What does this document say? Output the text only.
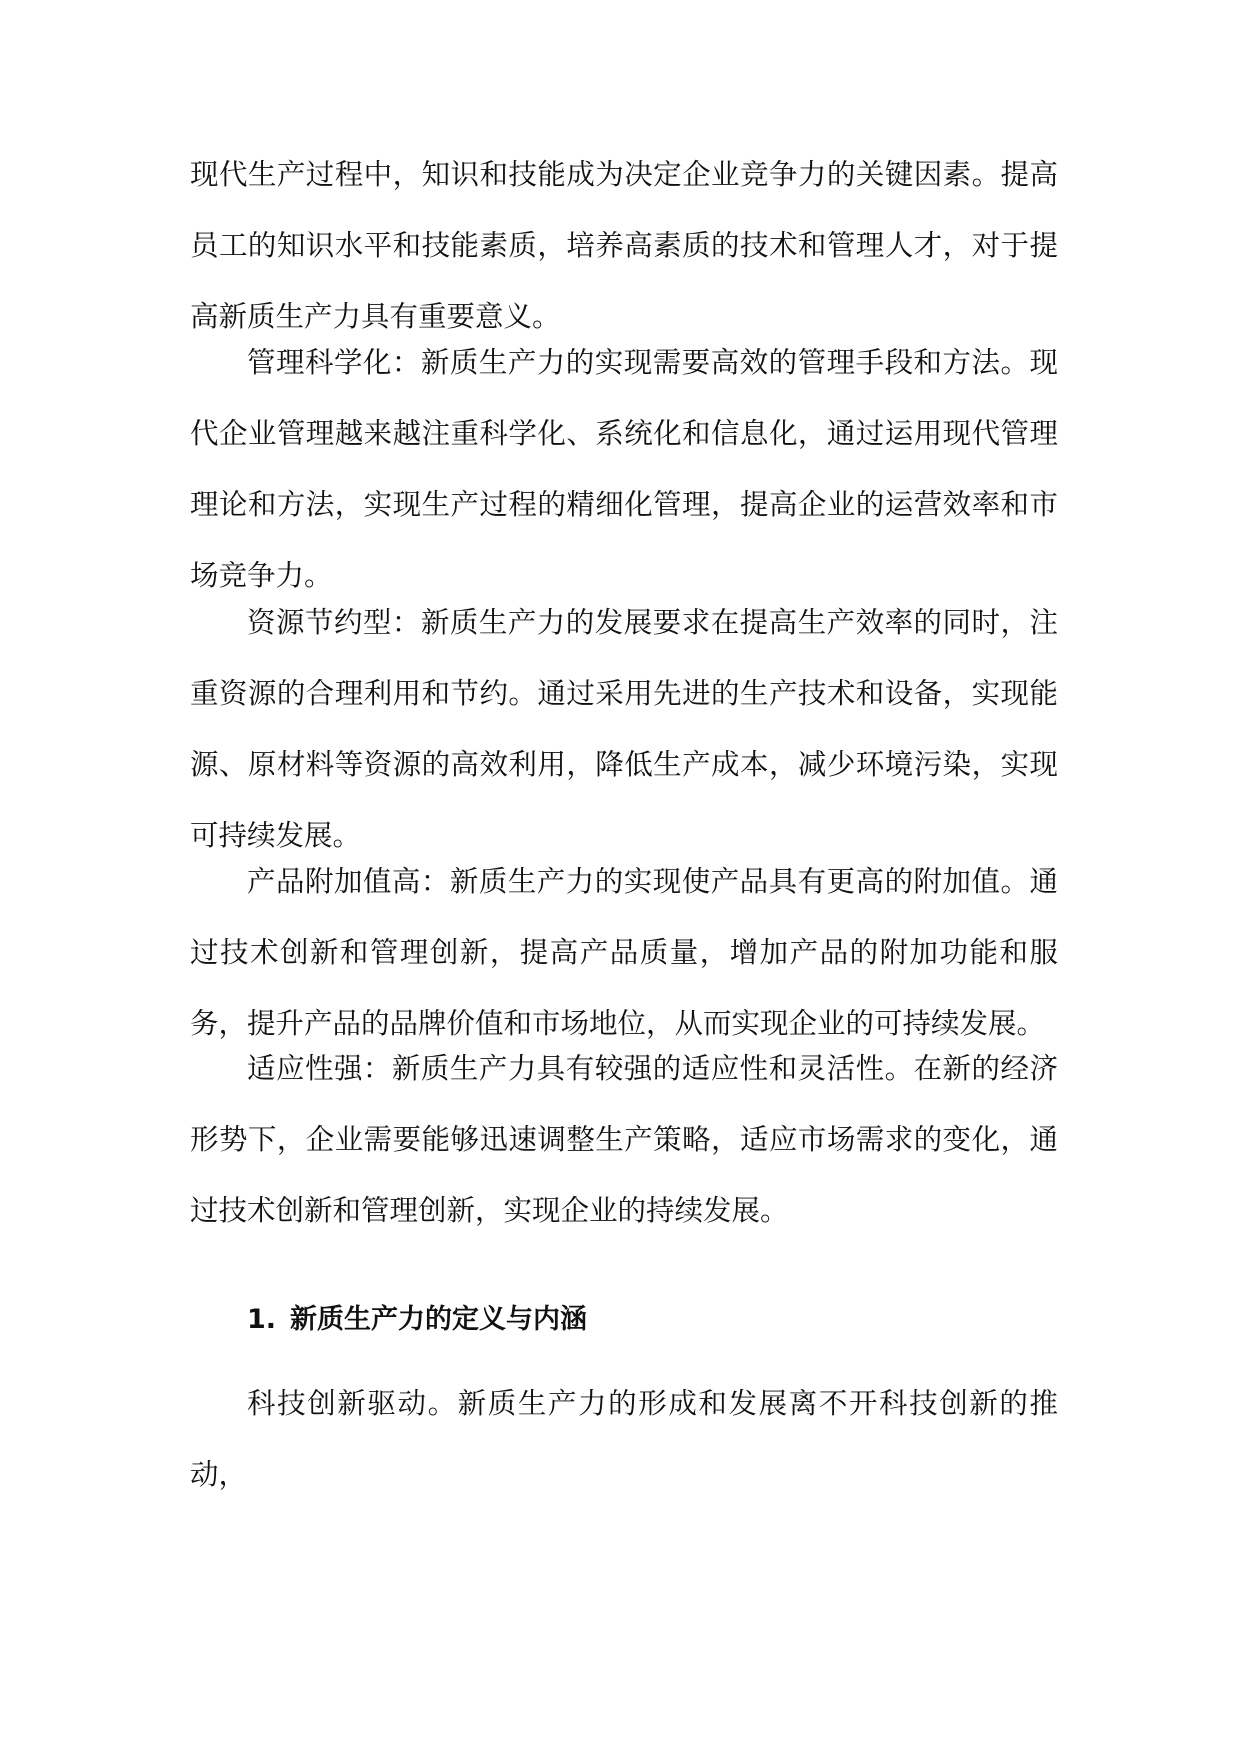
现代生产过程中，知识和技能成为决定企业竞争力的关键因素。提高员工的知识水平和技能素质，培养高素质的技术和管理人才，对于提高新质生产力具有重要意义。

管理科学化：新质生产力的实现需要高效的管理手段和方法。现代企业管理越来越注重科学化、系统化和信息化，通过运用现代管理理论和方法，实现生产过程的精细化管理，提高企业的运营效率和市场竞争力。

资源节约型：新质生产力的发展要求在提高生产效率的同时，注重资源的合理利用和节约。通过采用先进的生产技术和设备，实现能源、原材料等资源的高效利用，降低生产成本，减少环境污染，实现可持续发展。

产品附加值高：新质生产力的实现使产品具有更高的附加值。通过技术创新和管理创新，提高产品质量，增加产品的附加功能和服务，提升产品的品牌价值和市场地位，从而实现企业的可持续发展。

适应性强：新质生产力具有较强的适应性和灵活性。在新的经济形势下，企业需要能够迅速调整生产策略，适应市场需求的变化，通过技术创新和管理创新，实现企业的持续发展。

1. 新质生产力的定义与内涵

科技创新驱动。新质生产力的形成和发展离不开科技创新的推动，
